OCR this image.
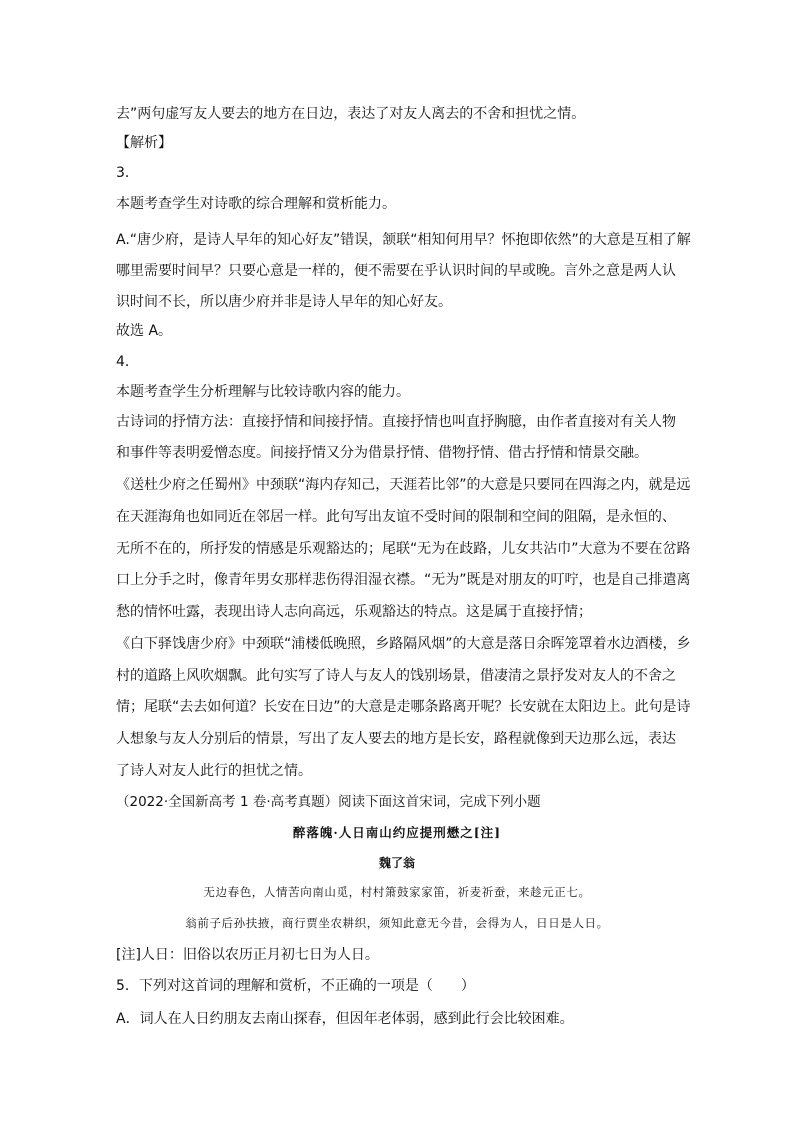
去”两句虚写友人要去的地方在日边，表达了对友人离去的不舍和担忧之情。
【解析】
3．
本题考查学生对诗歌的综合理解和赏析能力。
A.“唐少府，是诗人早年的知心好友”错误，颔联“相知何用早？怀抱即依然”的大意是互相了解
哪里需要时间早？只要心意是一样的，便不需要在乎认识时间的早或晚。言外之意是两人认
识时间不长，所以唐少府并非是诗人早年的知心好友。
故选 A。
4．
本题考查学生分析理解与比较诗歌内容的能力。
古诗词的抒情方法：直接抒情和间接抒情。直接抒情也叫直抒胸臆，由作者直接对有关人物
和事件等表明爱憎态度。间接抒情又分为借景抒情、借物抒情、借古抒情和情景交融。
《送杜少府之任蜀州》中颈联“海内存知己，天涯若比邻”的大意是只要同在四海之内，就是远
在天涯海角也如同近在邻居一样。此句写出友谊不受时间的限制和空间的阻隔，是永恒的、
无所不在的，所抒发的情感是乐观豁达的；尾联“无为在歧路，儿女共沾巾”大意为不要在岔路
口上分手之时，像青年男女那样悲伤得泪湿衣襟。“无为”既是对朋友的叮咛，也是自己排遣离
愁的情怀吐露，表现出诗人志向高远，乐观豁达的特点。这是属于直接抒情；
《白下驿饯唐少府》中颈联“浦楼低晚照，乡路隔风烟”的大意是落日余晖笼罩着水边酒楼，乡
村的道路上风吹烟飘。此句实写了诗人与友人的饯别场景，借凄清之景抒发对友人的不舍之
情；尾联“去去如何道？长安在日边”的大意是走哪条路离开呢？长安就在太阳边上。此句是诗
人想象与友人分别后的情景，写出了友人要去的地方是长安，路程就像到天边那么远，表达
了诗人对友人此行的担忧之情。
（2022·全国新高考 1 卷·高考真题）阅读下面这首宋词，完成下列小题
醉落魄·人日南山约应提刑懋之[注]
魏了翁
无边春色，人情苦向南山觅，村村箫鼓家家笛，祈麦祈蚕，来趁元正七。
翁前子后孙扶掖，商行贾坐农耕织，须知此意无今昔，会得为人，日日是人日。
[注]人日：旧俗以农历正月初七日为人日。
5．下列对这首词的理解和赏析，不正确的一项是（　　）
A．词人在人日约朋友去南山探春，但因年老体弱，感到此行会比较困难。
